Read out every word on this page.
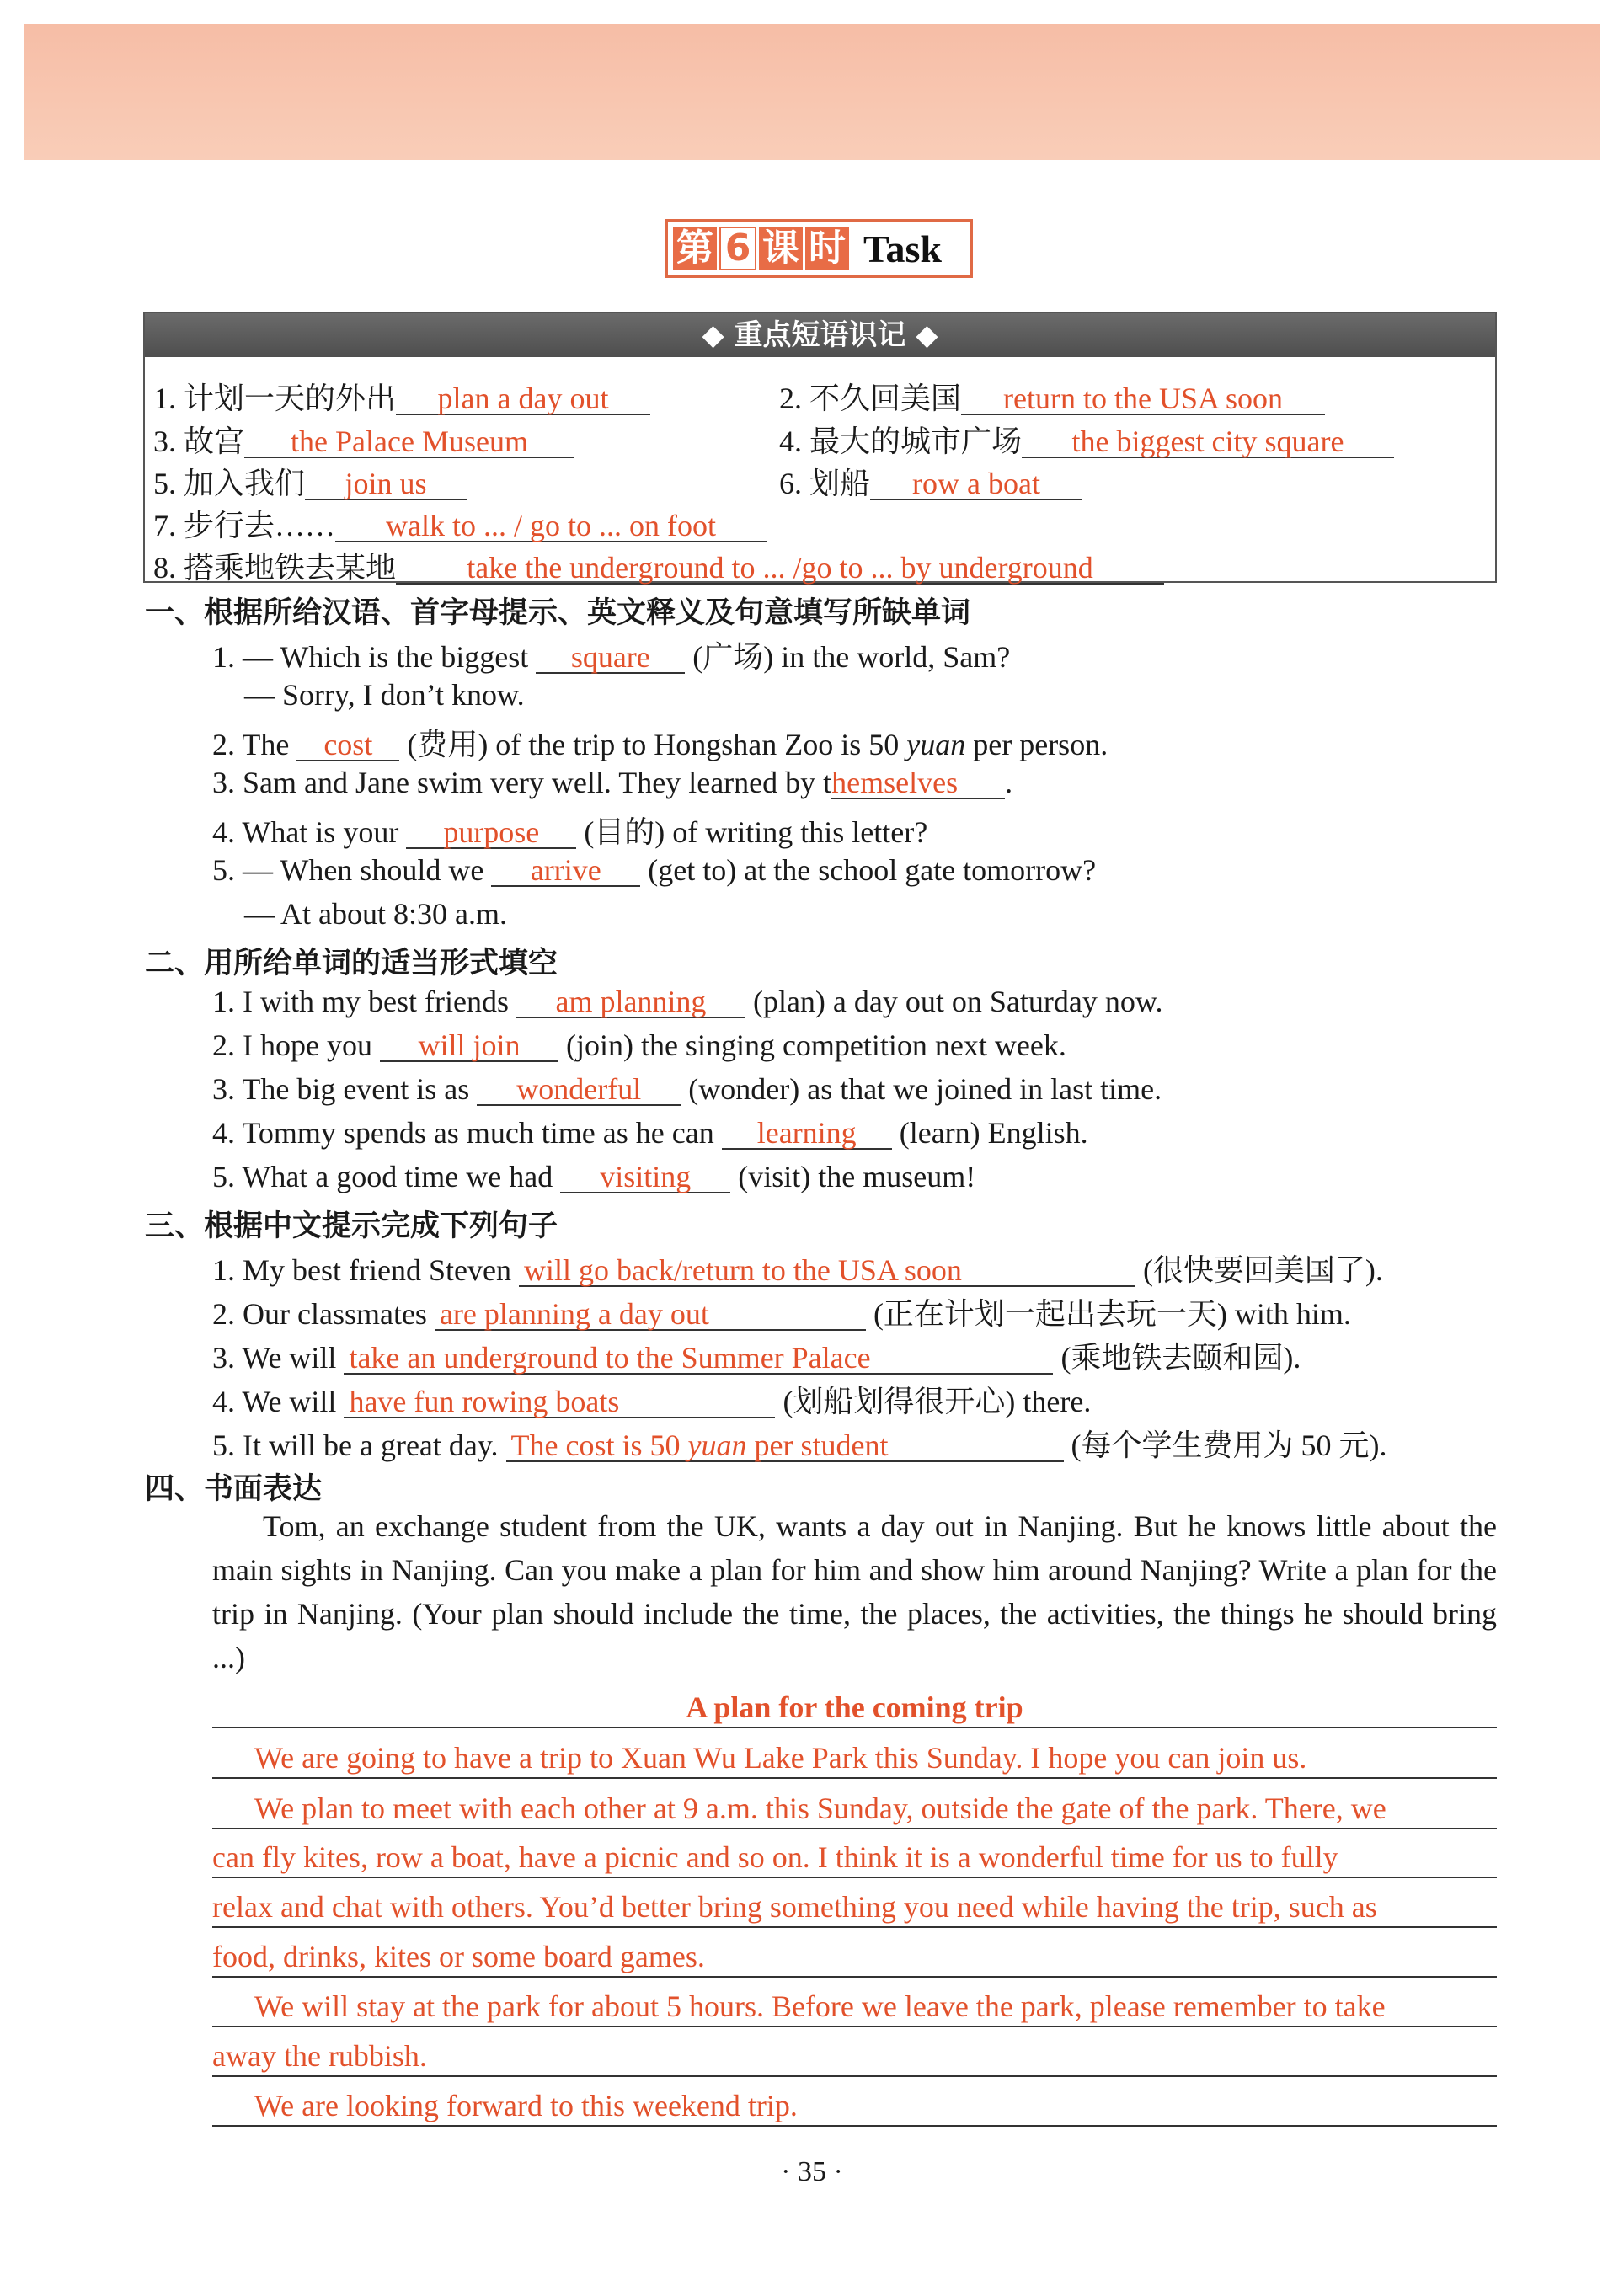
第 6 课 时 Task
◆ 重点短语识记 ◆
1. 计划一天的外出 plan a day out	2. 不久回美国 return to the USA soon
3. 故宫 the Palace Museum	4. 最大的城市广场 the biggest city square
5. 加入我们 join us	6. 划船 row a boat
7. 步行去…… walk to ... / go to ... on foot
8. 搭乘地铁去某地 take the underground to ... /go to ... by underground
一、根据所给汉语、首字母提示、英文释义及句意填写所缺单词
1. — Which is the biggest square (广场) in the world, Sam?
— Sorry, I don’t know.
2. The cost (费用) of the trip to Hongshan Zoo is 50 yuan per person.
3. Sam and Jane swim very well. They learned by themselves .
4. What is your purpose (目的) of writing this letter?
5. — When should we arrive (get to) at the school gate tomorrow?
— At about 8:30 a.m.
二、用所给单词的适当形式填空
1. I with my best friends am planning (plan) a day out on Saturday now.
2. I hope you will join (join) the singing competition next week.
3. The big event is as wonderful (wonder) as that we joined in last time.
4. Tommy spends as much time as he can learning (learn) English.
5. What a good time we had visiting (visit) the museum!
三、根据中文提示完成下列句子
1. My best friend Steven will go back/return to the USA soon	(很快要回美国了).
2. Our classmates are planning a day out	(正在计划一起出去玩一天) with him.
3. We will take an underground to the Summer Palace	(乘地铁去颐和园).
4. We will have fun rowing boats	(划船划得很开心) there.
5. It will be a great day. The cost is 50 yuan per student	(每个学生费用为 50 元).
四、书面表达
Tom, an exchange student from the UK, wants a day out in Nanjing. But he knows little about the main sights in Nanjing. Can you make a plan for him and show him around Nanjing? Write a plan for the trip in Nanjing. (Your plan should include the time, the places, the activities, the things he should bring ...)
A plan for the coming trip
We are going to have a trip to Xuan Wu Lake Park this Sunday. I hope you can join us.
We plan to meet with each other at 9 a.m. this Sunday, outside the gate of the park. There, we
can fly kites, row a boat, have a picnic and so on. I think it is a wonderful time for us to fully
relax and chat with others. You’d better bring something you need while having the trip, such as
food, drinks, kites or some board games.
We will stay at the park for about 5 hours. Before we leave the park, please remember to take
away the rubbish.
We are looking forward to this weekend trip.
· 35 ·
